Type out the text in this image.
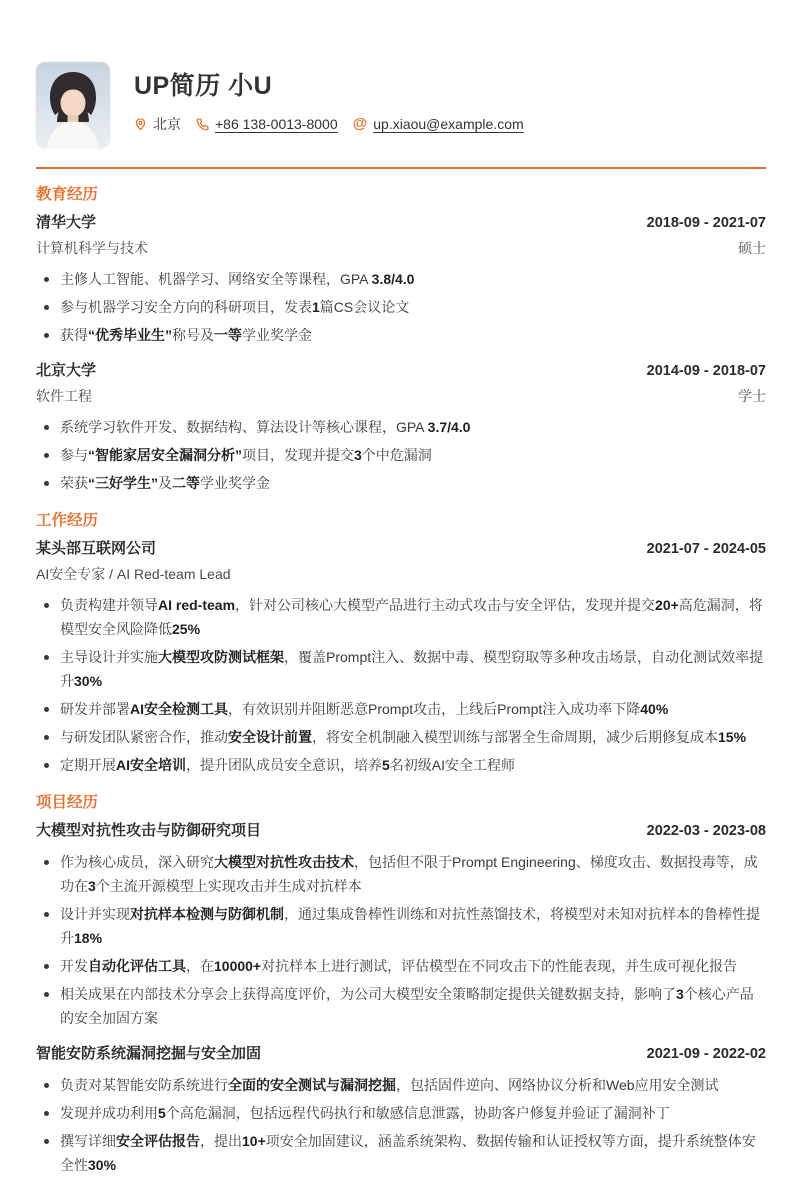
UP简历 小U
北京 +86 138-0013-8000 @ up.xiaou@example.com
教育经历
清华大学	2018-09 - 2021-07
计算机科学与技术	硕士
主修人工智能、机器学习、网络安全等课程，GPA 3.8/4.0
参与机器学习安全方向的科研项目，发表1篇CS会议论文
获得“优秀毕业生”称号及一等学业奖学金
北京大学	2014-09 - 2018-07
软件工程	学士
系统学习软件开发、数据结构、算法设计等核心课程，GPA 3.7/4.0
参与“智能家居安全漏洞分析”项目，发现并提交3个中危漏洞
荣获“三好学生”及二等学业奖学金
工作经历
某头部互联网公司	2021-07 - 2024-05
AI安全专家 / AI Red-team Lead
负责构建并领导AI red-team，针对公司核心大模型产品进行主动式攻击与安全评估，发现并提交20+高危漏洞，将模型安全风险降低25%
主导设计并实施大模型攻防测试框架，覆盖Prompt注入、数据中毒、模型窃取等多种攻击场景，自动化测试效率提升30%
研发并部署AI安全检测工具，有效识别并阻断恶意Prompt攻击，上线后Prompt注入成功率下降40%
与研发团队紧密合作，推动安全设计前置，将安全机制融入模型训练与部署全生命周期，减少后期修复成本15%
定期开展AI安全培训，提升团队成员安全意识，培养5名初级AI安全工程师
项目经历
大模型对抗性攻击与防御研究项目	2022-03 - 2023-08
作为核心成员，深入研究大模型对抗性攻击技术，包括但不限于Prompt Engineering、梯度攻击、数据投毒等，成功在3个主流开源模型上实现攻击并生成对抗样本
设计并实现对抗样本检测与防御机制，通过集成鲁棒性训练和对抗性蒸馏技术，将模型对未知对抗样本的鲁棒性提升18%
开发自动化评估工具，在10000+对抗样本上进行测试，评估模型在不同攻击下的性能表现，并生成可视化报告
相关成果在内部技术分享会上获得高度评价，为公司大模型安全策略制定提供关键数据支持，影响了3个核心产品的安全加固方案
智能安防系统漏洞挖掘与安全加固	2021-09 - 2022-02
负责对某智能安防系统进行全面的安全测试与漏洞挖掘，包括固件逆向、网络协议分析和Web应用安全测试
发现并成功利用5个高危漏洞，包括远程代码执行和敏感信息泄露，协助客户修复并验证了漏洞补丁
撰写详细安全评估报告，提出10+项安全加固建议，涵盖系统架构、数据传输和认证授权等方面，提升系统整体安全性30%
